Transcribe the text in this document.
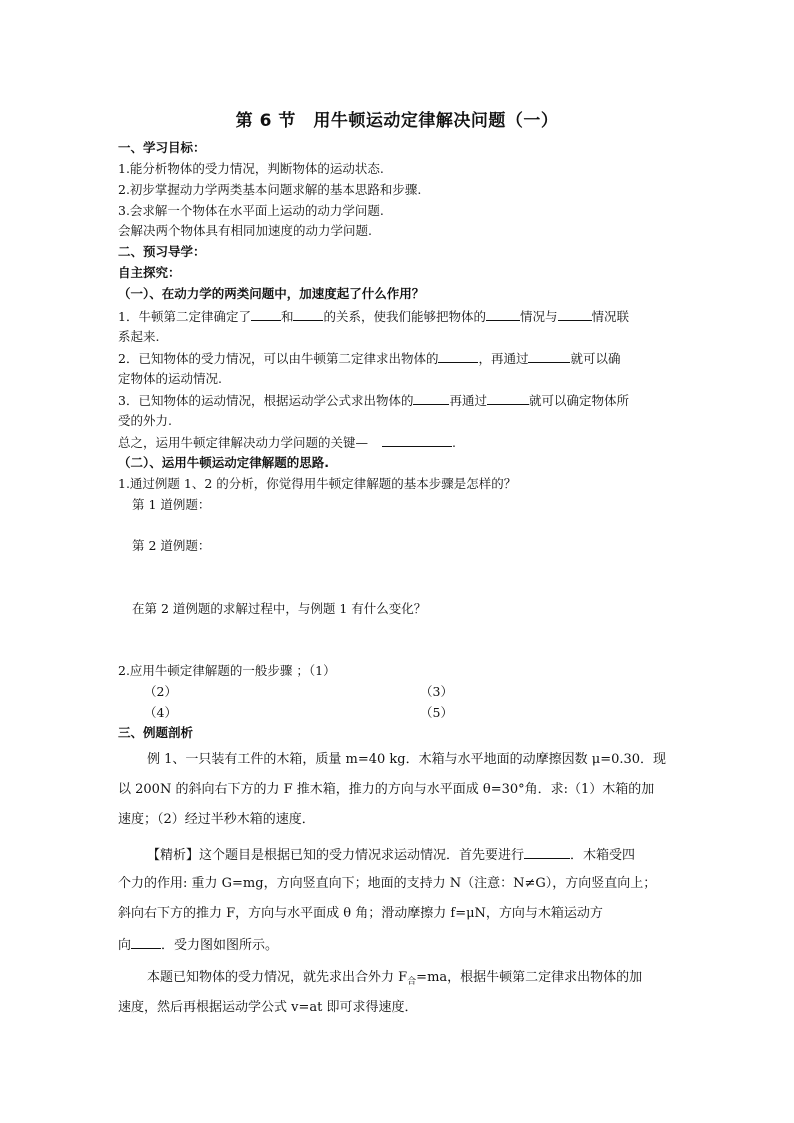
第 6 节　用牛顿运动定律解决问题（一）
一、学习目标：
1.能分析物体的受力情况，判断物体的运动状态.
2.初步掌握动力学两类基本问题求解的基本思路和步骤.
3.会求解一个物体在水平面上运动的动力学问题.
会解决两个物体具有相同加速度的动力学问题.
二、预习导学：
自主探究：
（一）、在动力学的两类问题中，加速度起了什么作用？
1．牛顿第二定律确定了 和 的关系，使我们能够把物体的	情况与	情况联
系起来.
2．已知物体的受力情况，可以由牛顿第二定律求出物体的	，再通过	就可以确
定物体的运动情况.
3．已知物体的运动情况，根据运动学公式求出物体的	再通过	就可以确定物体所
受的外力.
总之，运用牛顿定律解决动力学问题的关键—	.
（二）、运用牛顿运动定律解题的思路.
1.通过例题 1、2 的分析，你觉得用牛顿定律解题的基本步骤是怎样的？
第 1 道例题：
第 2 道例题：
在第 2 道例题的求解过程中，与例题 1 有什么变化？
2.应用牛顿定律解题的一般步骤 ；（1）
（2）	（3）
（4）	（5）
三、例题剖析
例 1、一只装有工件的木箱，质量 m=40 kg．木箱与水平地面的动摩擦因数 μ=0.30．现
以 200N 的斜向右下方的力 F 推木箱，推力的方向与水平面成 θ=30°角．求:（1）木箱的加
速度；（2）经过半秒木箱的速度．
【精析】这个题目是根据已知的受力情况求运动情况．首先要进行	．木箱受四
个力的作用: 重力 G=mg，方向竖直向下；地面的支持力 N（注意：N≠G），方向竖直向上；
斜向右下方的推力 F，方向与水平面成 θ 角；滑动摩擦力 f=μN，方向与木箱运动方
向 ．受力图如图所示。
本题已知物体的受力情况，就先求出合外力 $F_合=ma$，根据牛顿第二定律求出物体的加
速度，然后再根据运动学公式 v=at 即可求得速度．
